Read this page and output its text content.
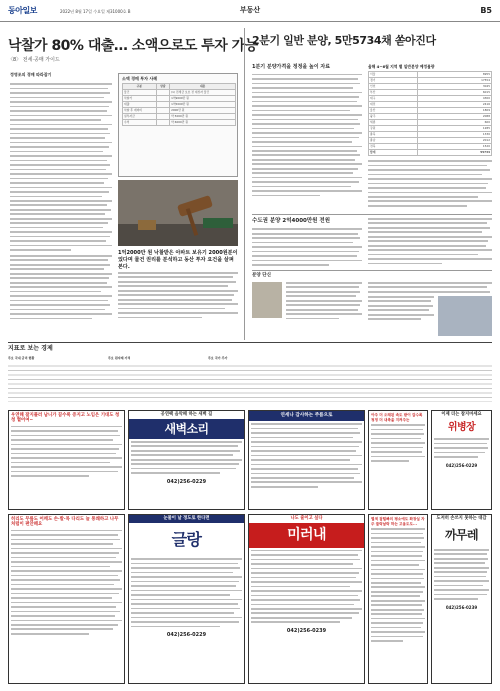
동아일보	2022년 8월 17일 수요일 제31000호 B	부동산	B5
낙찰가 80% 대출… 소액으로도 투자 가능
〈8〉 전세·공매 가이드
정영조의 경매 따라잡기
소액 경매 투자 사례
구분	상담	내용
물건		(1) 전세금 보호 전 대상자 물건
낙찰가		1억9000만 원
대출		1억5000만 원
낙찰 후 예비비		2000만 원
실투자금		약 5000만 원
수익		약 6000만 원
1억2000만 원 낙찰받은 아파트 보유기 2000원분이었다며 물건 권리를 분석하고 동산 투자 요건을 살펴본다.
2분기 일반 분양, 5만5734채 쏟아진다
1분기 분양가격을 정정을 높이 자료	올해 4~6월 지역 별 일반분양 예정물량
서울	8955
경기	17554
인천	3045
부산	6015
대구	4300
대전	2416
울산	1809
광주	2088
세종	600
강원	1285
충북	1330
충남	2012
전북	1520
합계	55734
수도권 분양 2억4000만원 전원
분양 단신
지표로 보는 경제
주요 국내 금리 현황	주요 원자재 가격	주요 국가 주가
우연해 잘지플러 남니가 끔수록 증지고 노임은 기대도 청청 혈어여~
공연팩 음악패 하는 새벽 길
새벽소리
042)256-0229
연세나 감사하는 주름으로	아주 더 오래된 속도 받이 갈수록 청정 더 내측을 지켜주는
이제 더는 참지마세요
위병장
042)256-0229
히리도 무릎도 어깨도 손·발·목 다리도 늘 통쾌하고 나무 처럼이 편안해요
눈물이 날 정도로 한다면
글랑
042)256-0229
나도 줄이고 싶다
미러내
042)256-0239
별색 잡털빠의 평소에도 화장실 자주 들락날락 하는 고움도도...
도저히 손쓰지 못하는 대감
까무레
042)256-0239
